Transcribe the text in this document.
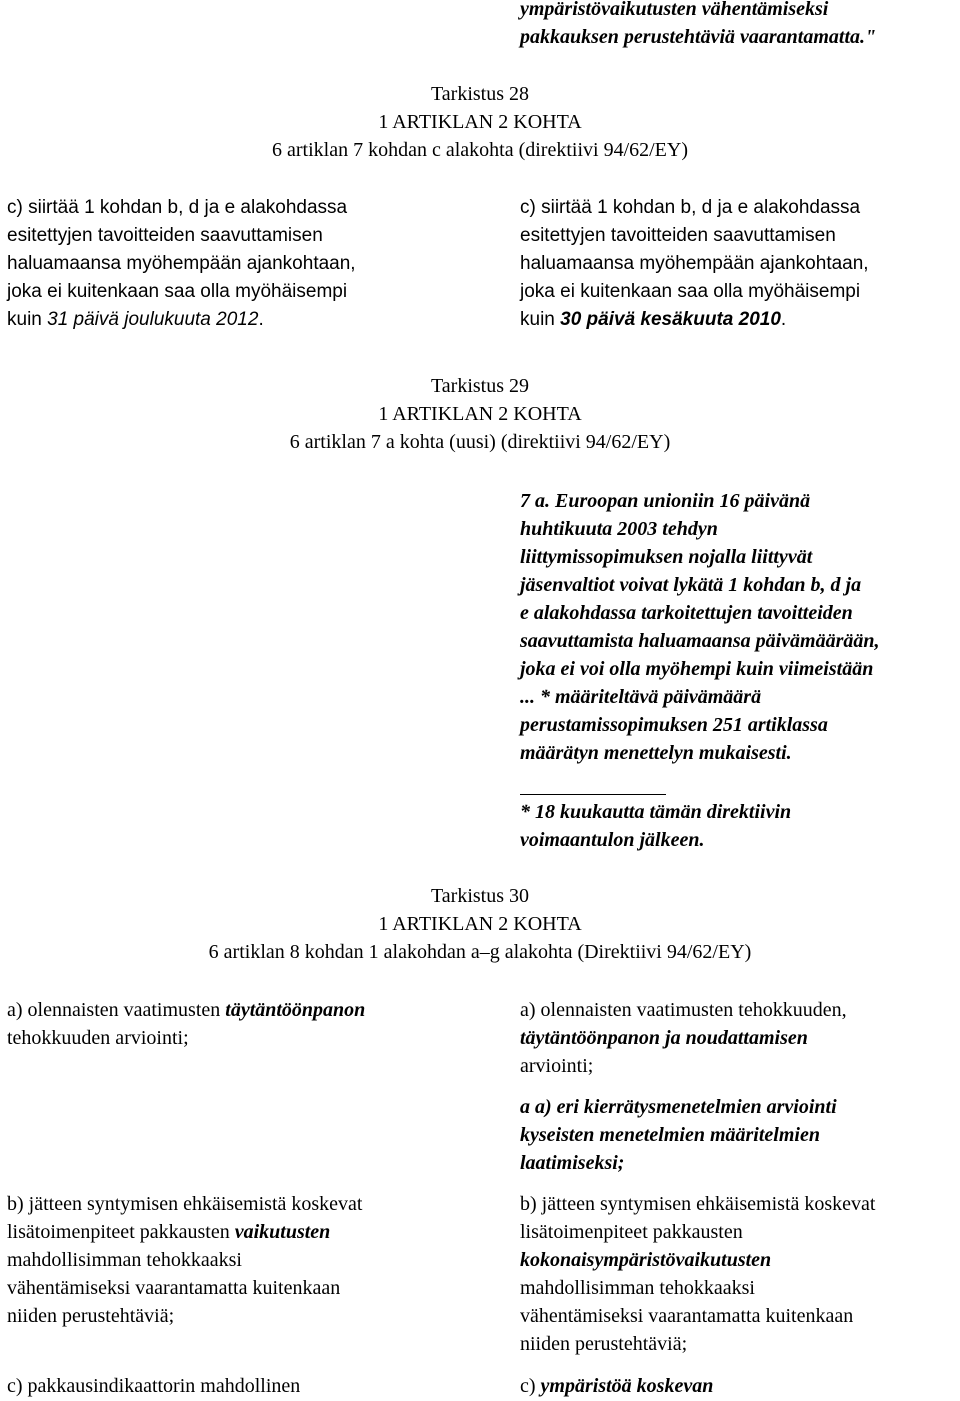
ympäristövaikutusten vähentämiseksi
pakkauksen perustehtäviä vaarantamatta."
Tarkistus 28
1 ARTIKLAN 2 KOHTA
6 artiklan 7 kohdan c alakohta (direktiivi 94/62/EY)
c) siirtää 1 kohdan b, d ja e alakohdassa
esitettyjen tavoitteiden saavuttamisen
haluamaansa myöhempään ajankohtaan,
joka ei kuitenkaan saa olla myöhäisempi
kuin 31 päivä joulukuuta 2012.
c) siirtää 1 kohdan b, d ja e alakohdassa
esitettyjen tavoitteiden saavuttamisen
haluamaansa myöhempään ajankohtaan,
joka ei kuitenkaan saa olla myöhäisempi
kuin 30 päivä kesäkuuta 2010.
Tarkistus 29
1 ARTIKLAN 2 KOHTA
6 artiklan 7 a kohta (uusi) (direktiivi 94/62/EY)
7 a. Euroopan unioniin 16 päivänä
huhtikuuta 2003 tehdyn
liittymissopimuksen nojalla liittyvät
jäsenvaltiot voivat lykätä 1 kohdan b, d ja
e alakohdassa tarkoitettujen tavoitteiden
saavuttamista haluamaansa päivämäärään,
joka ei voi olla myöhempi kuin viimeistään
... * määriteltävä päivämäärä
perustamissopimuksen 251 artiklassa
määrätyn menettelyn mukaisesti.
* 18 kuukautta tämän direktiivin
voimaantulon jälkeen.
Tarkistus 30
1 ARTIKLAN 2 KOHTA
6 artiklan 8 kohdan 1 alakohdan a–g alakohta (Direktiivi 94/62/EY)
a) olennaisten vaatimusten täytäntöönpanon
tehokkuuden arviointi;
b) jätteen syntymisen ehkäisemistä koskevat
lisätoimenpiteet pakkausten vaikutusten
mahdollisimman tehokkaaksi
vähentämiseksi vaarantamatta kuitenkaan
niiden perustehtäviä;
c) pakkausindikaattorin mahdollinen
a) olennaisten vaatimusten tehokkuuden,
täytäntöönpanon ja noudattamisen
arviointi;
a a) eri kierrätysmenetelmien arviointi
kyseisten menetelmien määritelmien
laatimiseksi;
b) jätteen syntymisen ehkäisemistä koskevat
lisätoimenpiteet pakkausten
kokonaisympäristövaikutusten
mahdollisimman tehokkaaksi
vähentämiseksi vaarantamatta kuitenkaan
niiden perustehtäviä;
c) ympäristöä koskevan
